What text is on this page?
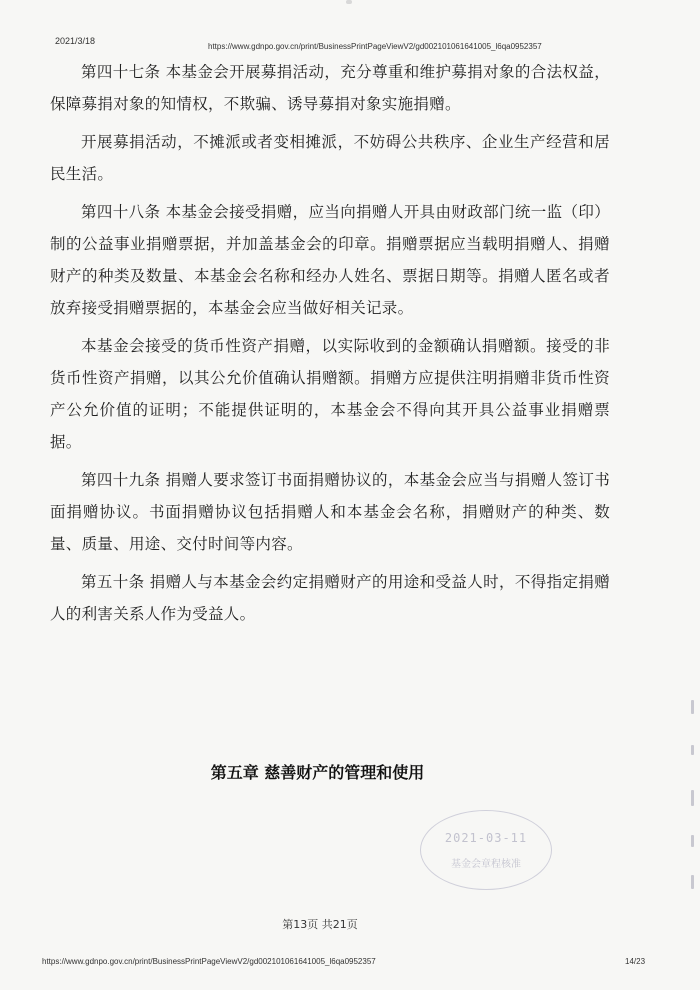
2021/3/18
https://www.gdnpo.gov.cn/print/BusinessPrintPageViewV2/gd002101061641005_l6qa0952357

第四十七条 本基金会开展募捐活动，充分尊重和维护募捐对象的合法权益，保障募捐对象的知情权，不欺骗、诱导募捐对象实施捐赠。

开展募捐活动，不摊派或者变相摊派，不妨碍公共秩序、企业生产经营和居民生活。

第四十八条 本基金会接受捐赠，应当向捐赠人开具由财政部门统一监（印）制的公益事业捐赠票据，并加盖基金会的印章。捐赠票据应当载明捐赠人、捐赠财产的种类及数量、本基金会名称和经办人姓名、票据日期等。捐赠人匿名或者放弃接受捐赠票据的，本基金会应当做好相关记录。

本基金会接受的货币性资产捐赠，以实际收到的金额确认捐赠额。接受的非货币性资产捐赠，以其公允价值确认捐赠额。捐赠方应提供注明捐赠非货币性资产公允价值的证明；不能提供证明的，本基金会不得向其开具公益事业捐赠票据。

第四十九条 捐赠人要求签订书面捐赠协议的，本基金会应当与捐赠人签订书面捐赠协议。书面捐赠协议包括捐赠人和本基金会名称，捐赠财产的种类、数量、质量、用途、交付时间等内容。

第五十条 捐赠人与本基金会约定捐赠财产的用途和受益人时，不得指定捐赠人的利害关系人作为受益人。

第五章 慈善财产的管理和使用
2021-03-11
基金会章程核准
第13页 共21页
https://www.gdnpo.gov.cn/print/BusinessPrintPageViewV2/gd002101061641005_l6qa0952357	14/23
